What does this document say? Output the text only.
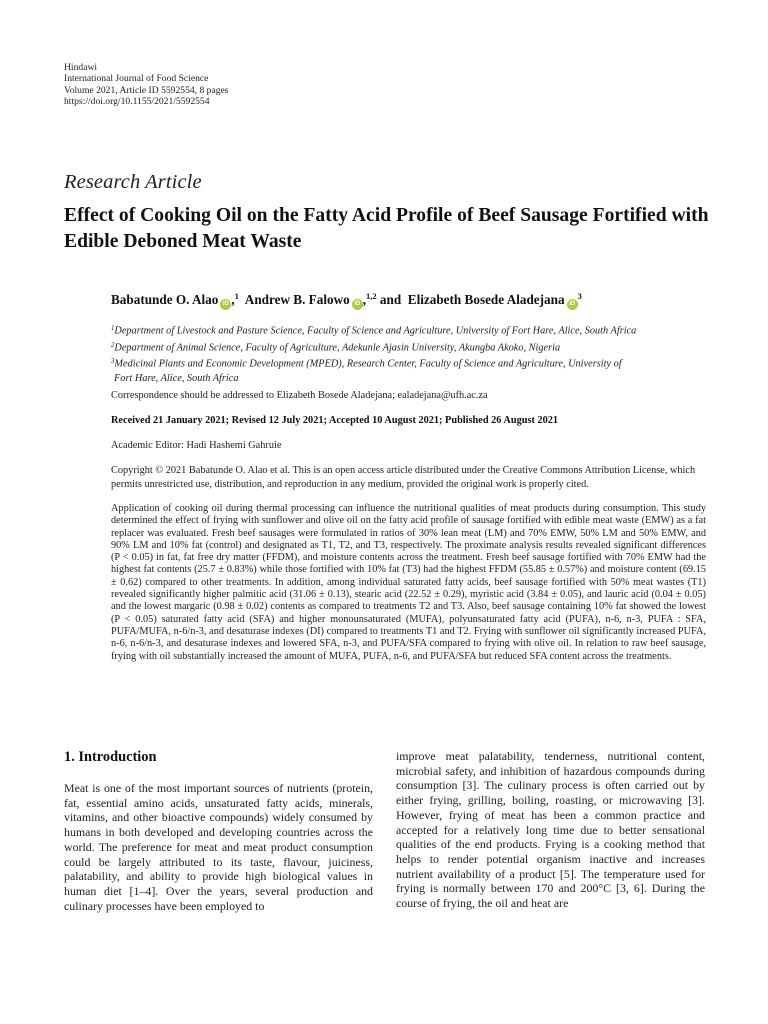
Hindawi
International Journal of Food Science
Volume 2021, Article ID 5592554, 8 pages
https://doi.org/10.1155/2021/5592554
Research Article
Effect of Cooking Oil on the Fatty Acid Profile of Beef Sausage Fortified with Edible Deboned Meat Waste
Babatunde O. Alao iD ,$^1$ Andrew B. Falowo iD ,$^{1,2}$ and  Elizabeth Bosede Aladejana $iD^3$
$^1$Department of Livestock and Pasture Science, Faculty of Science and Agriculture, University of Fort Hare, Alice, South Africa
$^2$Department of Animal Science, Faculty of Agriculture, Adekunle Ajasin University, Akungba Akoko, Nigeria
$^3$Medicinal Plants and Economic Development (MPED), Research Center, Faculty of Science and Agriculture, University of
Fort Hare, Alice, South Africa
Correspondence should be addressed to Elizabeth Bosede Aladejana; ealadejana@ufh.ac.za
Received 21 January 2021; Revised 12 July 2021; Accepted 10 August 2021; Published 26 August 2021
Academic Editor: Hadi Hashemi Gahruie
Copyright © 2021 Babatunde O. Alao et al. This is an open access article distributed under the Creative Commons Attribution License, which permits unrestricted use, distribution, and reproduction in any medium, provided the original work is properly cited.
Application of cooking oil during thermal processing can influence the nutritional qualities of meat products during consumption. This study determined the effect of frying with sunflower and olive oil on the fatty acid profile of sausage fortified with edible meat waste (EMW) as a fat replacer was evaluated. Fresh beef sausages were formulated in ratios of 30% lean meat (LM) and 70% EMW, 50% LM and 50% EMW, and 90% LM and 10% fat (control) and designated as T1, T2, and T3, respectively. The proximate analysis results revealed significant differences (P < 0.05) in fat, fat free dry matter (FFDM), and moisture contents across the treatment. Fresh beef sausage fortified with 70% EMW had the highest fat contents (25.7 ± 0.83%) while those fortified with 10% fat (T3) had the highest FFDM (55.85 ± 0.57%) and moisture content (69.15 ± 0.62) compared to other treatments. In addition, among individual saturated fatty acids, beef sausage fortified with 50% meat wastes (T1) revealed significantly higher palmitic acid (31.06 ± 0.13), stearic acid (22.52 ± 0.29), myristic acid (3.84 ± 0.05), and lauric acid (0.04 ± 0.05) and the lowest margaric (0.98 ± 0.02) contents as compared to treatments T2 and T3. Also, beef sausage containing 10% fat showed the lowest (P < 0.05) saturated fatty acid (SFA) and higher monounsaturated (MUFA), polyunsaturated fatty acid (PUFA), n-6, n-3, PUFA : SFA, PUFA/MUFA, n-6/n-3, and desaturase indexes (DI) compared to treatments T1 and T2. Frying with sunflower oil significantly increased PUFA, n-6, n-6/n-3, and desaturase indexes and lowered SFA, n-3, and PUFA/SFA compared to frying with olive oil. In relation to raw beef sausage, frying with oil substantially increased the amount of MUFA, PUFA, n-6, and PUFA/SFA but reduced SFA content across the treatments.
1. Introduction
Meat is one of the most important sources of nutrients (protein, fat, essential amino acids, unsaturated fatty acids, minerals, vitamins, and other bioactive compounds) widely consumed by humans in both developed and developing countries across the world. The preference for meat and meat product consumption could be largely attributed to its taste, flavour, juiciness, palatability, and ability to provide high biological values in human diet [1–4]. Over the years, several production and culinary processes have been employed to
improve meat palatability, tenderness, nutritional content, microbial safety, and inhibition of hazardous compounds during consumption [3]. The culinary process is often carried out by either frying, grilling, boiling, roasting, or microwaving [3]. However, frying of meat has been a common practice and accepted for a relatively long time due to better sensational qualities of the end products. Frying is a cooking method that helps to render potential organism inactive and increases nutrient availability of a product [5]. The temperature used for frying is normally between 170 and 200°C [3, 6]. During the course of frying, the oil and heat are
